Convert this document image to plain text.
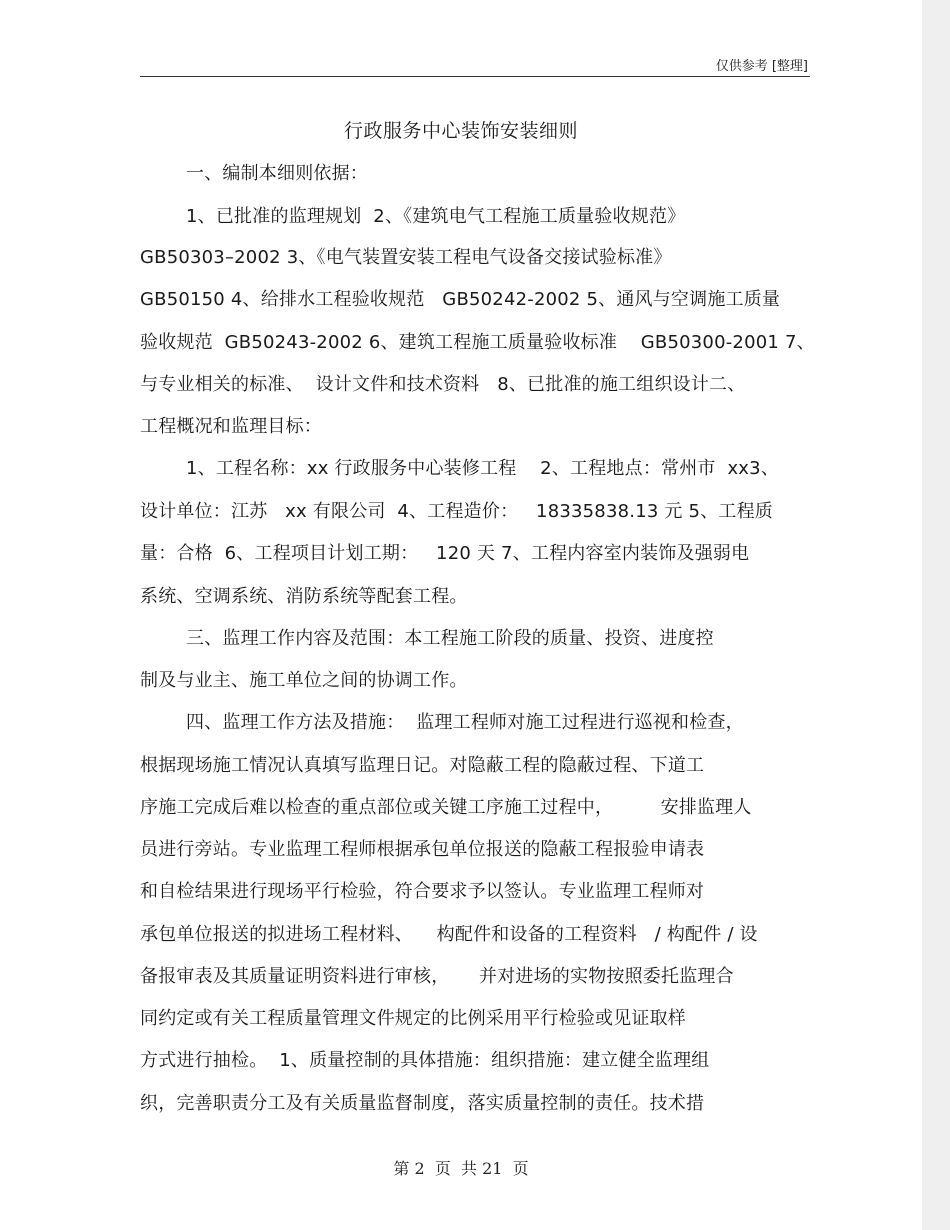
仅供参考 [整理]
行政服务中心装饰安装细则
一、编制本细则依据：
1、已批准的监理规划  2、《建筑电气工程施工质量验收规范》
GB50303–2002 3、《电气装置安装工程电气设备交接试验标准》
GB50150 4、给排水工程验收规范   GB50242-2002 5、通风与空调施工质量
验收规范  GB50243-2002 6、建筑工程施工质量验收标准    GB50300-2001 7、
与专业相关的标准、  设计文件和技术资料   8、已批准的施工组织设计二、
工程概况和监理目标：
1、工程名称：xx 行政服务中心装修工程    2、工程地点：常州市  xx3、
设计单位：江苏   xx 有限公司  4、工程造价：   18335838.13 元 5、工程质
量：合格  6、工程项目计划工期：   120 天 7、工程内容室内装饰及强弱电
系统、空调系统、消防系统等配套工程。
三、监理工作内容及范围：本工程施工阶段的质量、投资、进度控
制及与业主、施工单位之间的协调工作。
四、监理工作方法及措施：  监理工程师对施工过程进行巡视和检查，
根据现场施工情况认真填写监理日记。对隐蔽工程的隐蔽过程、下道工
序施工完成后难以检查的重点部位或关键工序施工过程中，        安排监理人
员进行旁站。专业监理工程师根据承包单位报送的隐蔽工程报验申请表
和自检结果进行现场平行检验，符合要求予以签认。专业监理工程师对
承包单位报送的拟进场工程材料、    构配件和设备的工程资料   / 构配件 / 设
备报审表及其质量证明资料进行审核，     并对进场的实物按照委托监理合
同约定或有关工程质量管理文件规定的比例采用平行检验或见证取样
方式进行抽检。  1、质量控制的具体措施：组织措施：建立健全监理组
织，完善职责分工及有关质量监督制度，落实质量控制的责任。技术措
第 2  页  共 21  页
